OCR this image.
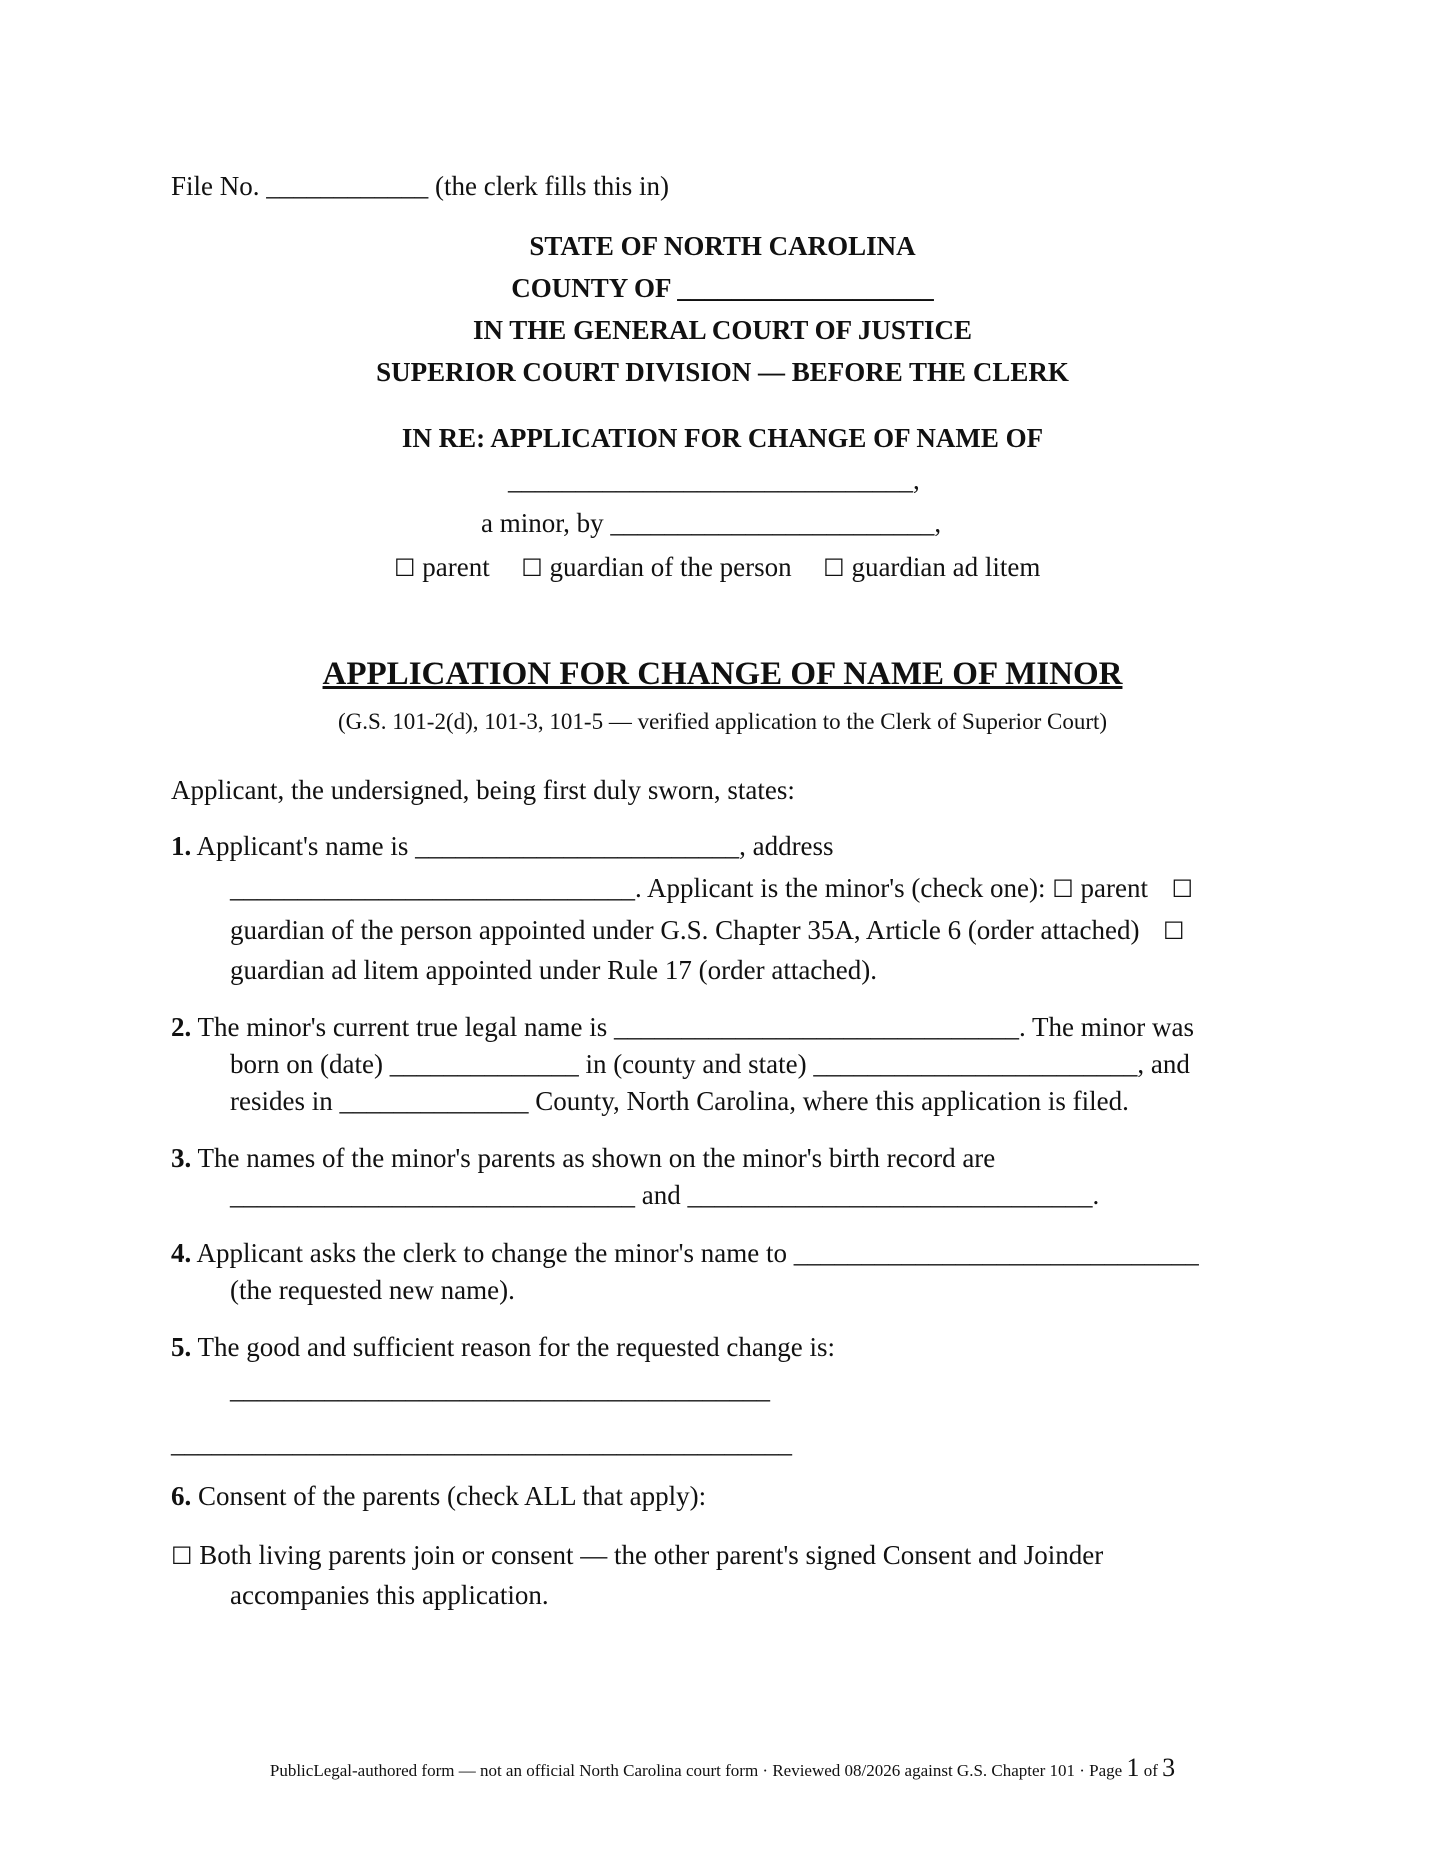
File No. ____________ (the clerk fills this in)
STATE OF NORTH CAROLINA
COUNTY OF ___________________
IN THE GENERAL COURT OF JUSTICE
SUPERIOR COURT DIVISION — BEFORE THE CLERK
IN RE: APPLICATION FOR CHANGE OF NAME OF
______________________________,
a minor, by ________________________,
☐ parent ☐ guardian of the person ☐ guardian ad litem
APPLICATION FOR CHANGE OF NAME OF MINOR
(G.S. 101-2(d), 101-3, 101-5 — verified application to the Clerk of Superior Court)
Applicant, the undersigned, being first duly sworn, states:
1. Applicant's name is ________________________, address
______________________________. Applicant is the minor's (check one): ☐ parent ☐
guardian of the person appointed under G.S. Chapter 35A, Article 6 (order attached) ☐
guardian ad litem appointed under Rule 17 (order attached).
2. The minor's current true legal name is ______________________________. The minor was
born on (date) ______________ in (county and state) ________________________, and
resides in ______________ County, North Carolina, where this application is filed.
3. The names of the minor's parents as shown on the minor's birth record are
______________________________ and ______________________________.
4. Applicant asks the clerk to change the minor's name to ______________________________
(the requested new name).
5. The good and sufficient reason for the requested change is:
________________________________________
______________________________________________
6. Consent of the parents (check ALL that apply):
☐ Both living parents join or consent — the other parent's signed Consent and Joinder
accompanies this application.
PublicLegal-authored form — not an official North Carolina court form · Reviewed 08/2026 against G.S. Chapter 101 · Page 1 of 3
